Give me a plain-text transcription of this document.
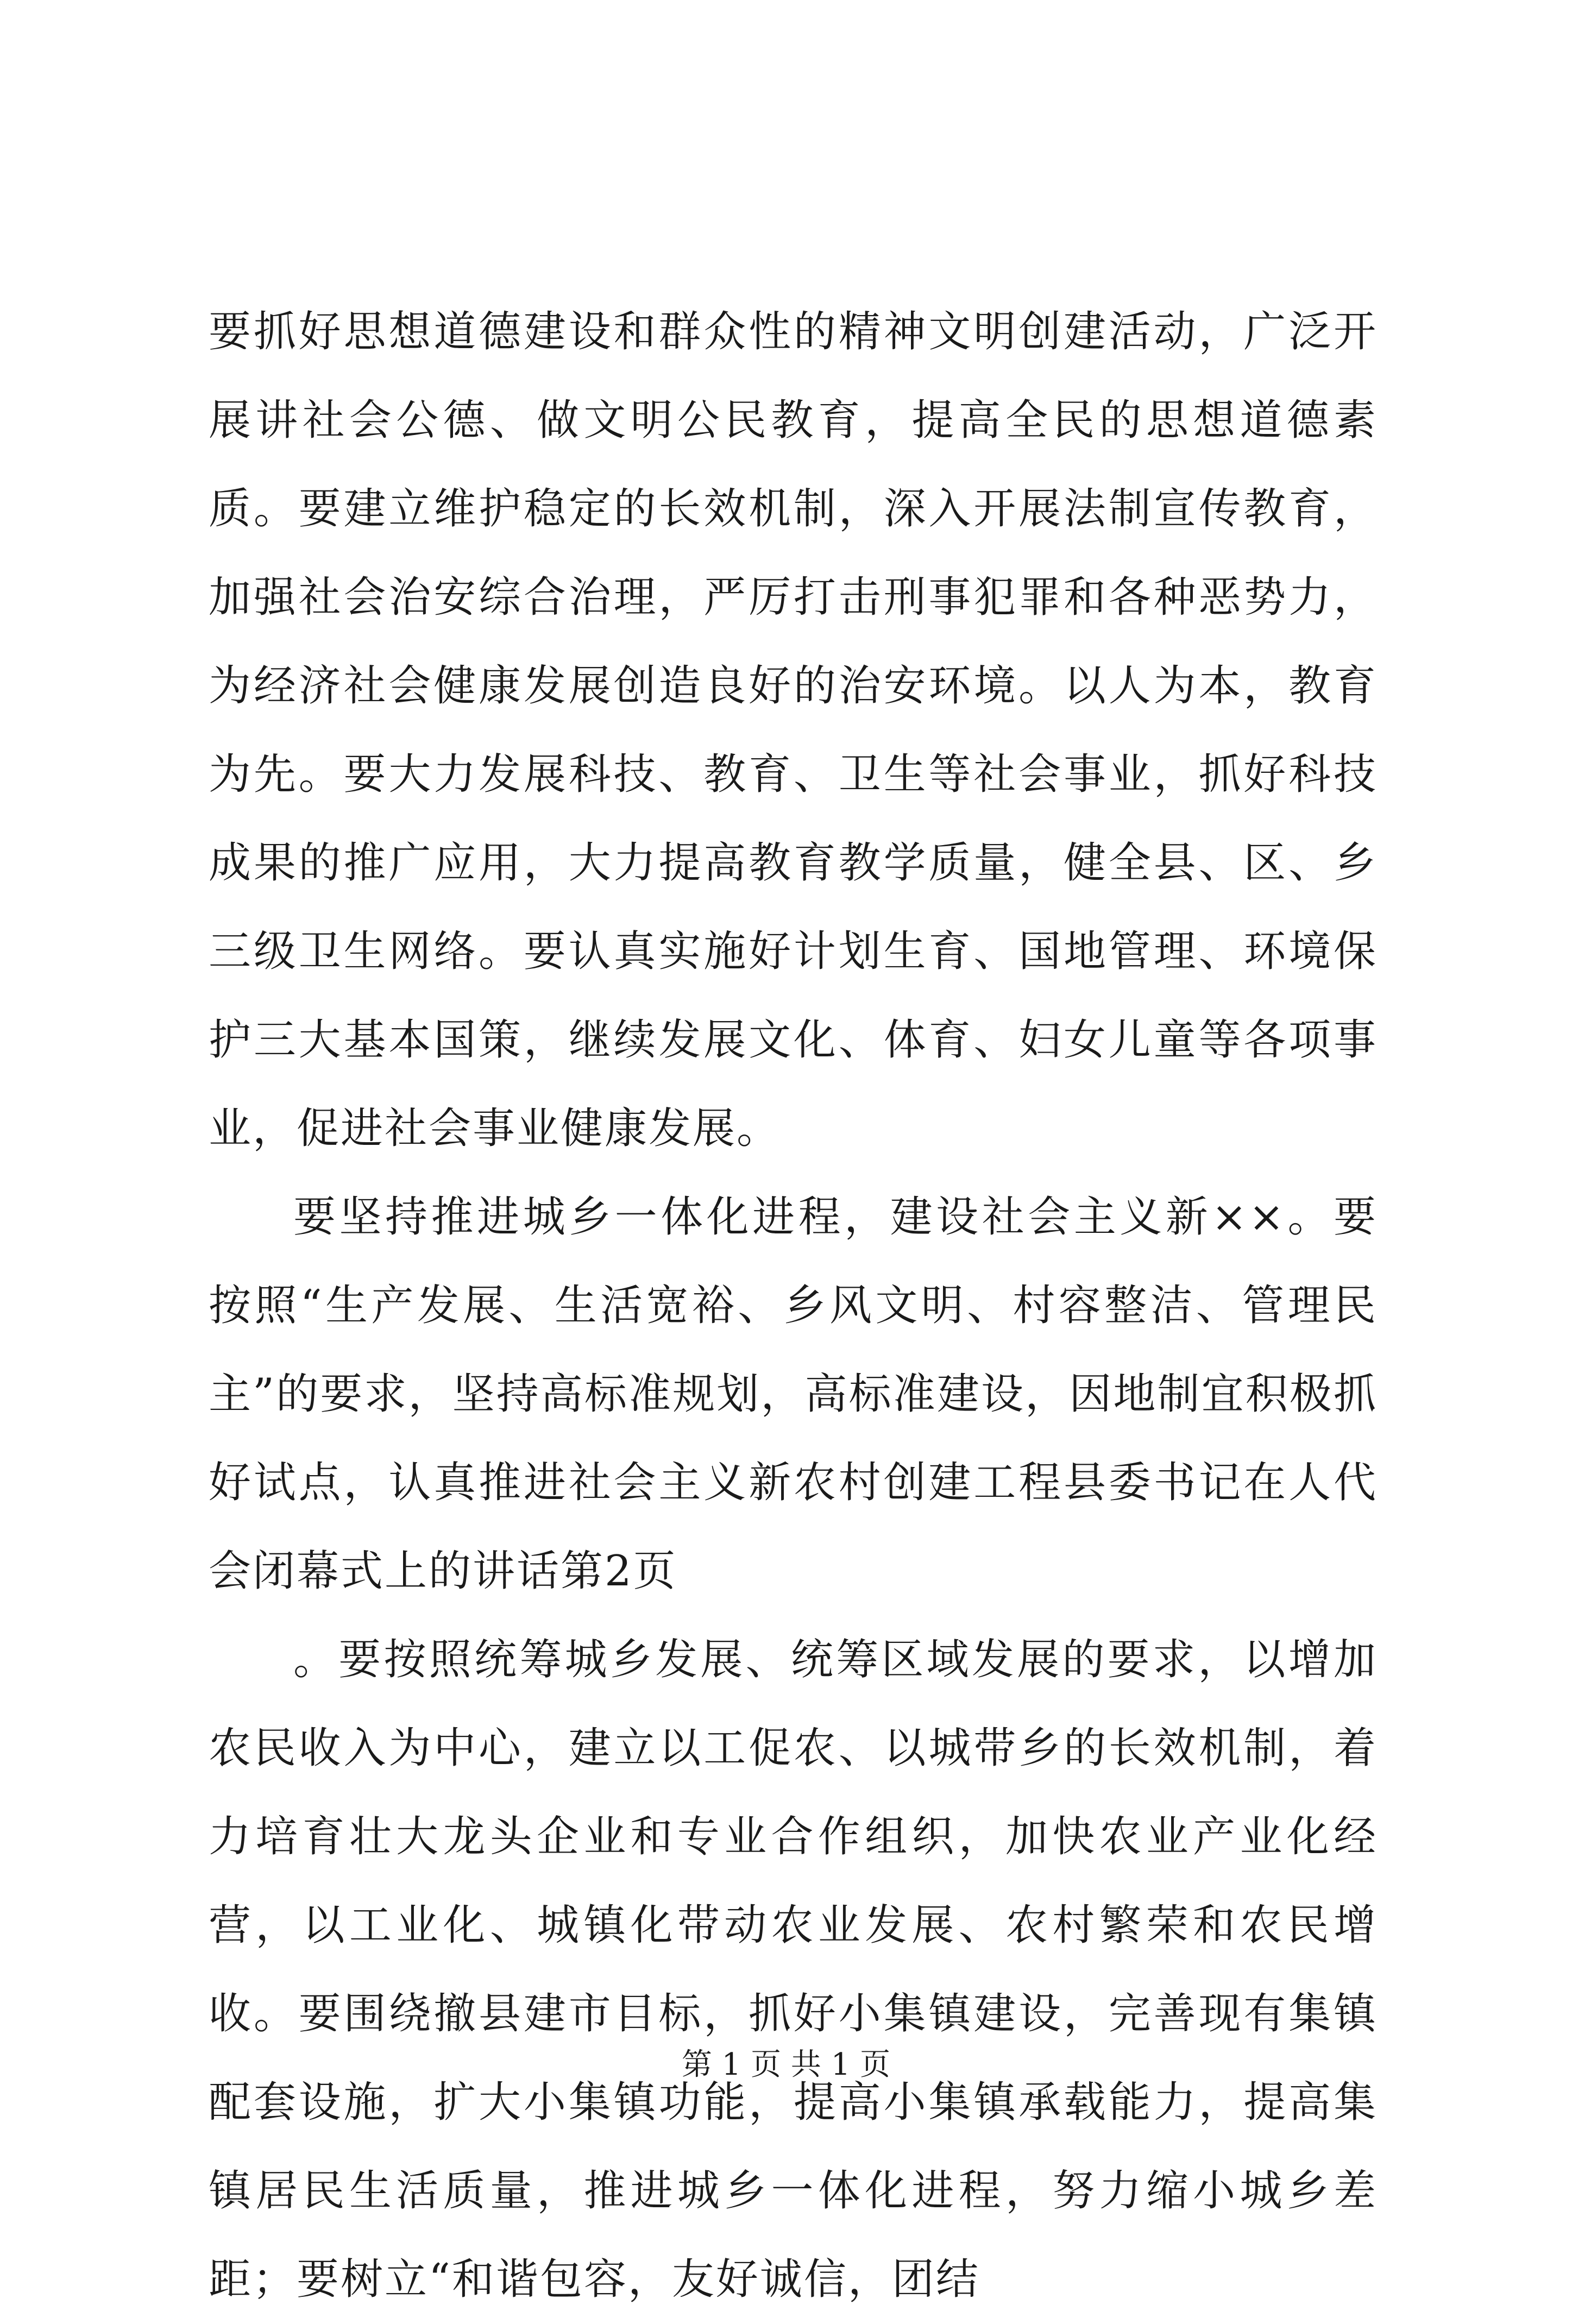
要抓好思想道德建设和群众性的精神文明创建活动，广泛开展讲社会公德、做文明公民教育，提高全民的思想道德素质。要建立维护稳定的长效机制，深入开展法制宣传教育，加强社会治安综合治理，严厉打击刑事犯罪和各种恶势力，为经济社会健康发展创造良好的治安环境。以人为本，教育为先。要大力发展科技、教育、卫生等社会事业，抓好科技成果的推广应用，大力提高教育教学质量，健全县、区、乡三级卫生网络。要认真实施好计划生育、国地管理、环境保护三大基本国策，继续发展文化、体育、妇女儿童等各项事业，促进社会事业健康发展。

要坚持推进城乡一体化进程，建设社会主义新××。要按照“生产发展、生活宽裕、乡风文明、村容整洁、管理民主”的要求，坚持高标准规划，高标准建设，因地制宜积极抓好试点，认真推进社会主义新农村创建工程县委书记在人代会闭幕式上的讲话第2页

。要按照统筹城乡发展、统筹区域发展的要求，以增加农民收入为中心，建立以工促农、以城带乡的长效机制，着力培育壮大龙头企业和专业合作组织，加快农业产业化经营，以工业化、城镇化带动农业发展、农村繁荣和农民增收。要围绕撤县建市目标，抓好小集镇建设，完善现有集镇配套设施，扩大小集镇功能，提高小集镇承载能力，提高集镇居民生活质量，推进城乡一体化进程，努力缩小城乡差距；要树立“和谐包容，友好诚信，团结

第 1 页 共 1 页
